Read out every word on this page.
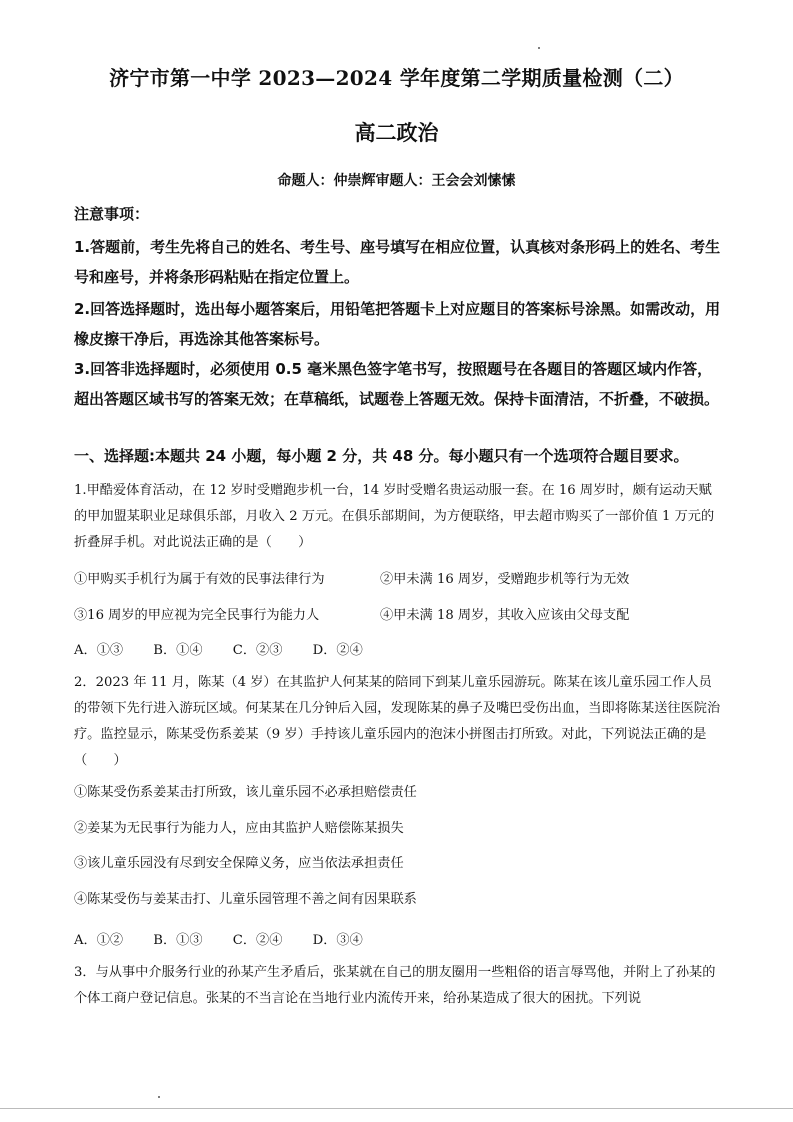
济宁市第一中学 2023—2024 学年度第二学期质量检测（二）
高二政治
命题人：仲崇辉审题人：王会会刘愫愫
注意事项：
1.答题前，考生先将自己的姓名、考生号、座号填写在相应位置，认真核对条形码上的姓名、考生号和座号，并将条形码粘贴在指定位置上。
2.回答选择题时，选出每小题答案后，用铅笔把答题卡上对应题目的答案标号涂黑。如需改动，用橡皮擦干净后，再选涂其他答案标号。
3.回答非选择题时，必须使用 0.5 毫米黑色签字笔书写，按照题号在各题目的答题区域内作答，超出答题区域书写的答案无效；在草稿纸，试题卷上答题无效。保持卡面清洁，不折叠，不破损。
一、选择题:本题共 24 小题，每小题 2 分，共 48 分。每小题只有一个选项符合题目要求。
1.甲酷爱体育活动，在 12 岁时受赠跑步机一台，14 岁时受赠名贵运动服一套。在 16 周岁时，颇有运动天赋的甲加盟某职业足球俱乐部，月收入 2 万元。在俱乐部期间，为方便联络，甲去超市购买了一部价值 1 万元的折叠屏手机。对此说法正确的是（　　）
①甲购买手机行为属于有效的民事法律行为	②甲未满 16 周岁，受赠跑步机等行为无效
③16 周岁的甲应视为完全民事行为能力人	④甲未满 18 周岁，其收入应该由父母支配
A．①③ B．①④ C．②③ D．②④
2．2023 年 11 月，陈某（4 岁）在其监护人何某某的陪同下到某儿童乐园游玩。陈某在该儿童乐园工作人员的带领下先行进入游玩区域。何某某在几分钟后入园，发现陈某的鼻子及嘴巴受伤出血，当即将陈某送往医院治疗。监控显示，陈某受伤系姜某（9 岁）手持该儿童乐园内的泡沫小拼图击打所致。对此，下列说法正确的是（　　）
①陈某受伤系姜某击打所致，该儿童乐园不必承担赔偿责任
②姜某为无民事行为能力人，应由其监护人赔偿陈某损失
③该儿童乐园没有尽到安全保障义务，应当依法承担责任
④陈某受伤与姜某击打、儿童乐园管理不善之间有因果联系
A．①② B．①③ C．②④ D．③④
3．与从事中介服务行业的孙某产生矛盾后，张某就在自己的朋友圈用一些粗俗的语言辱骂他，并附上了孙某的个体工商户登记信息。张某的不当言论在当地行业内流传开来，给孙某造成了很大的困扰。下列说
